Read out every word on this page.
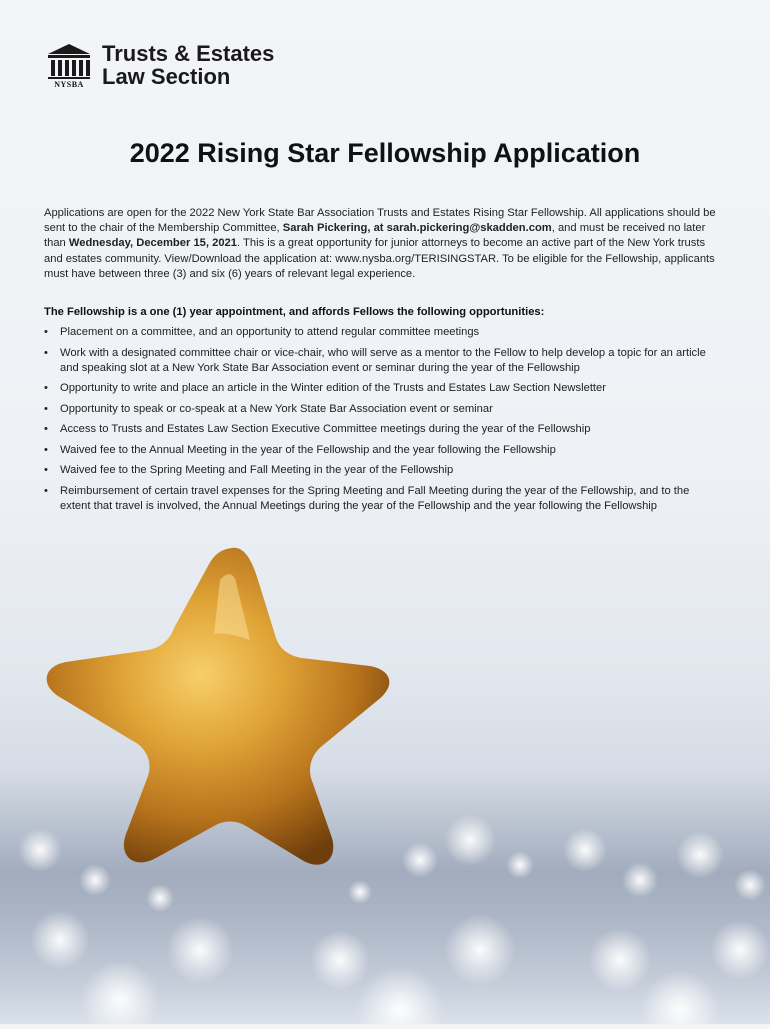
NYSBA
Trusts & Estates
Law Section
2022 Rising Star Fellowship Application

Applications are open for the 2022 New York State Bar Association Trusts and Estates Rising Star Fellowship. All applications should be sent to the chair of the Membership Committee, Sarah Pickering, at sarah.pickering@skadden.com, and must be received no later than Wednesday, December 15, 2021. This is a great opportunity for junior attorneys to become an active part of the New York trusts and estates community. View/Download the application at: www.nysba.org/TERISINGSTAR. To be eligible for the Fellowship, applicants must have between three (3) and six (6) years of relevant legal experience.

The Fellowship is a one (1) year appointment, and affords Fellows the following opportunities:

• Placement on a committee, and an opportunity to attend regular committee meetings
• Work with a designated committee chair or vice-chair, who will serve as a mentor to the Fellow to help develop a topic for an article and speaking slot at a New York State Bar Association event or seminar during the year of the Fellowship
• Opportunity to write and place an article in the Winter edition of the Trusts and Estates Law Section Newsletter
• Opportunity to speak or co-speak at a New York State Bar Association event or seminar
• Access to Trusts and Estates Law Section Executive Committee meetings during the year of the Fellowship
• Waived fee to the Annual Meeting in the year of the Fellowship and the year following the Fellowship
• Waived fee to the Spring Meeting and Fall Meeting in the year of the Fellowship
• Reimbursement of certain travel expenses for the Spring Meeting and Fall Meeting during the year of the Fellowship, and to the extent that travel is involved, the Annual Meetings during the year of the Fellowship and the year following the Fellowship
